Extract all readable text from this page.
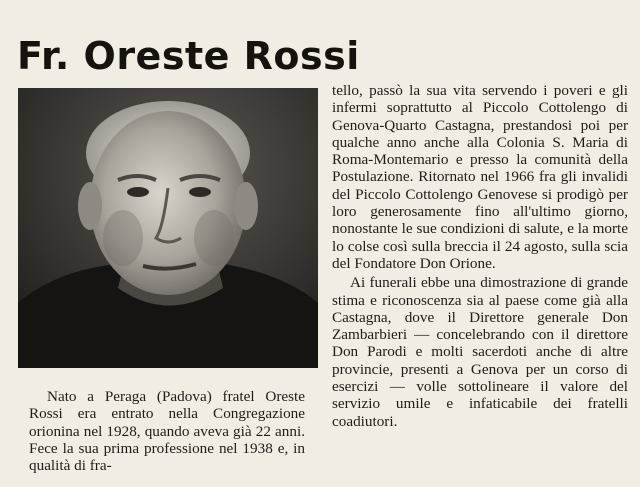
Fr. Oreste Rossi

Nato a Peraga (Padova) fratel Oreste Rossi era entrato nella Congregazione orionina nel 1928, quando aveva già 22 anni. Fece la sua prima professione nel 1938 e, in qualità di fra-

tello, passò la sua vita servendo i poveri e gli infermi soprattutto al Piccolo Cottolengo di Genova-Quarto Castagna, prestandosi poi per qualche anno anche alla Colonia S. Maria di Roma-Montemario e presso la comunità della Postulazione. Ritornato nel 1966 fra gli invalidi del Piccolo Cottolengo Genovese si prodigò per loro generosamente fino all'ultimo giorno, nonostante le sue condizioni di salute, e la morte lo colse così sulla breccia il 24 agosto, sulla scia del Fondatore Don Orione.

Ai funerali ebbe una dimostrazione di grande stima e riconoscenza sia al paese come già alla Castagna, dove il Direttore generale Don Zambarbieri — concelebrando con il direttore Don Parodi e molti sacerdoti anche di altre provincie, presenti a Genova per un corso di esercizi — volle sottolineare il valore del servizio umile e infaticabile dei fratelli coadiutori.
